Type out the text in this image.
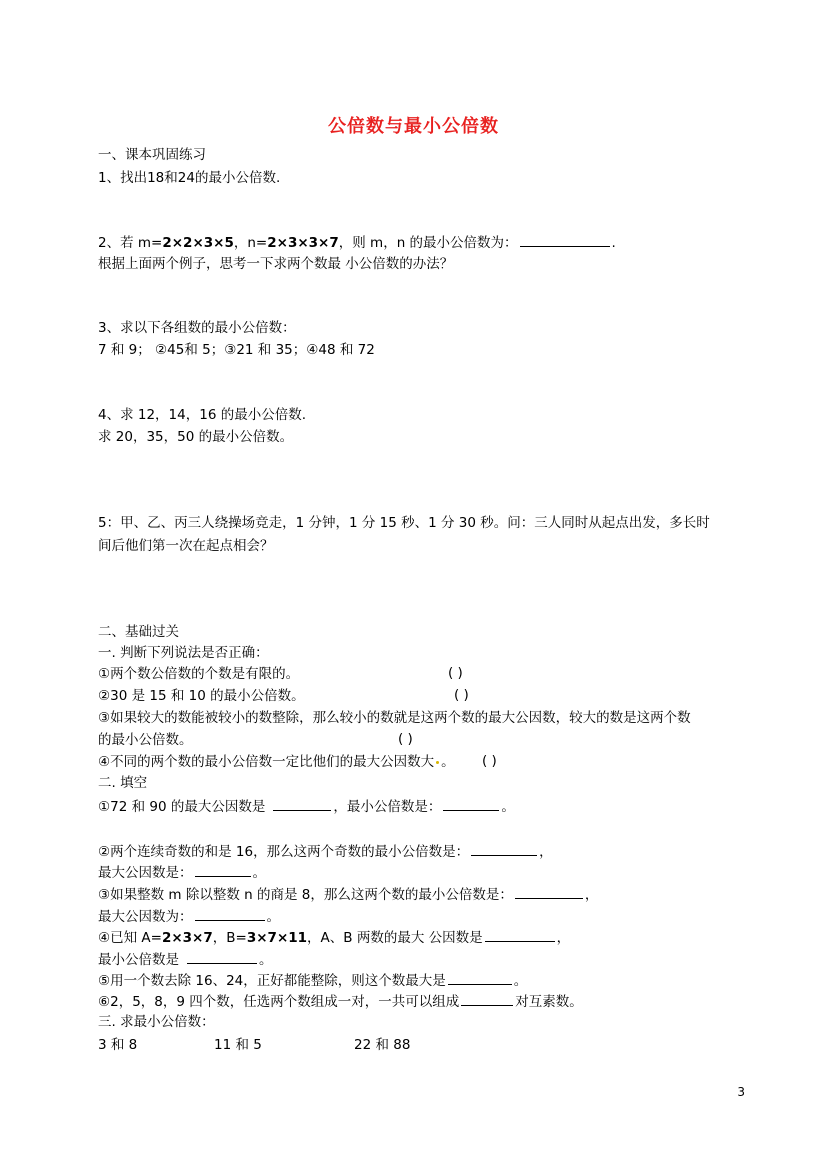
公倍数与最小公倍数
一、课本巩固练习
1、找出18和24的最小公倍数.
2、若 m=2×2×3×5，n=2×3×3×7，则 m，n 的最小公倍数为：	.
根据上面两个例子，思考一下求两个数最 小公倍数的办法？
3、求以下各组数的最小公倍数：
7 和 9； ②45和 5；③21 和 35；④48 和 72
4、求 12，14，16 的最小公倍数.
求 20，35，50 的最小公倍数。
5：甲、乙、丙三人绕操场竞走，1 分钟，1 分 15 秒、1 分 30 秒。问：三人同时从起点出发，多长时
间后他们第一次在起点相会？
二、基础过关
一. 判断下列说法是否正确：
①两个数公倍数的个数是有限的。	( )
②30 是 15 和 10 的最小公倍数。	( )
③如果较大的数能被较小的数整除，那么较小的数就是这两个数的最大公因数，较大的数是这两个数
的最小公倍数。	( )
④不同的两个数的最小公倍数一定比他们的最大公因数大 。 ( )
二. 填空
①72 和 90 的最大公因数是	，最小公倍数是：	。
②两个连续奇数的和是 16，那么这两个奇数的最小公倍数是：	，
最大公因数是：	。
③如果整数 m 除以整数 n 的商是 8，那么这两个数的最小公倍数是：	，
最大公因数为：	。
④已知 A=2×3×7，B=3×7×11，A、B 两数的最大 公因数是	，
最小公倍数是	。
⑤用一个数去除 16、24，正好都能整除，则这个数最大是	。
⑥2，5，8，9 四个数，任选两个数组成一对，一共可以组成	对互素数。
三. 求最小公倍数：
3 和 8	11 和 5	22 和 88
3
